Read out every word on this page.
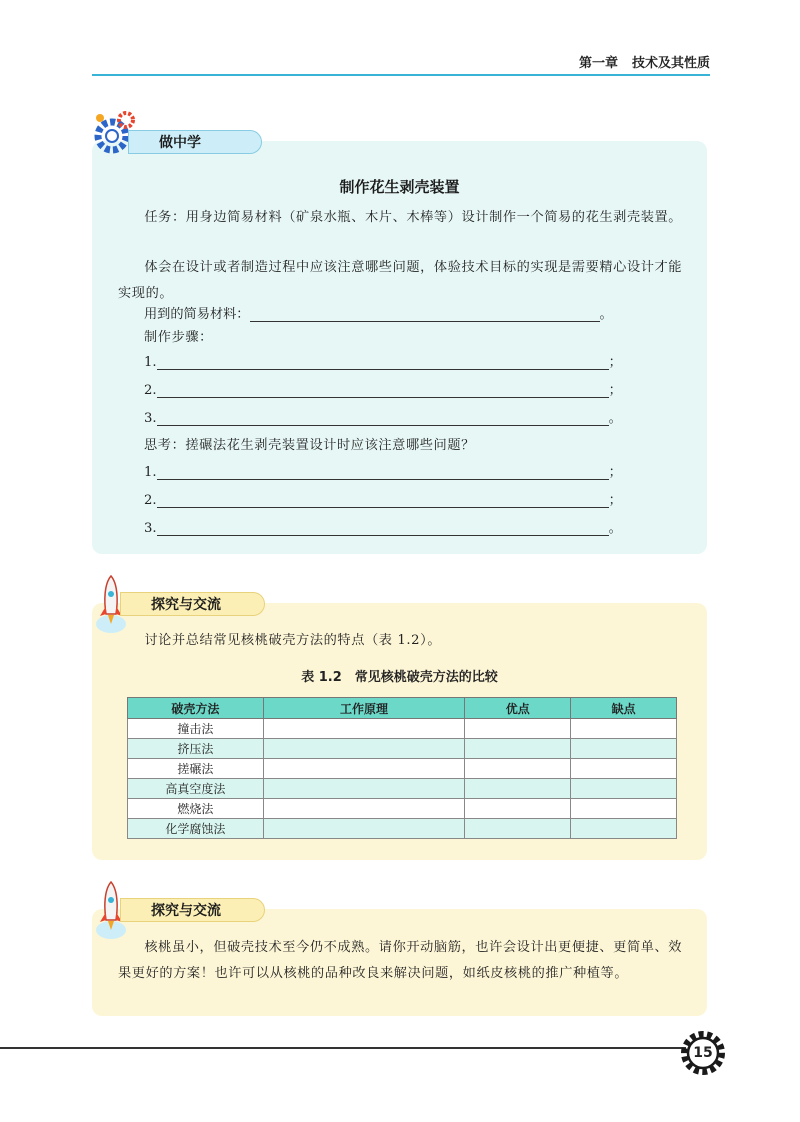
第一章 技术及其性质
做中学
制作花生剥壳装置
任务：用身边简易材料（矿泉水瓶、木片、木棒等）设计制作一个简易的花生剥壳装置。
体会在设计或者制造过程中应该注意哪些问题，体验技术目标的实现是需要精心设计才能实现的。
用到的简易材料：	。
制作步骤：
1.	；
2.	；
3.	。
思考：搓碾法花生剥壳装置设计时应该注意哪些问题？
1.	；
2.	；
3.	。
探究与交流
讨论并总结常见核桃破壳方法的特点（表 1.2）。
表 1.2　常见核桃破壳方法的比较
破壳方法	工作原理	优点	缺点
撞击法			
挤压法			
搓碾法			
高真空度法			
燃烧法			
化学腐蚀法			
探究与交流
核桃虽小，但破壳技术至今仍不成熟。请你开动脑筋，也许会设计出更便捷、更简单、效果更好的方案！也许可以从核桃的品种改良来解决问题，如纸皮核桃的推广种植等。
15
